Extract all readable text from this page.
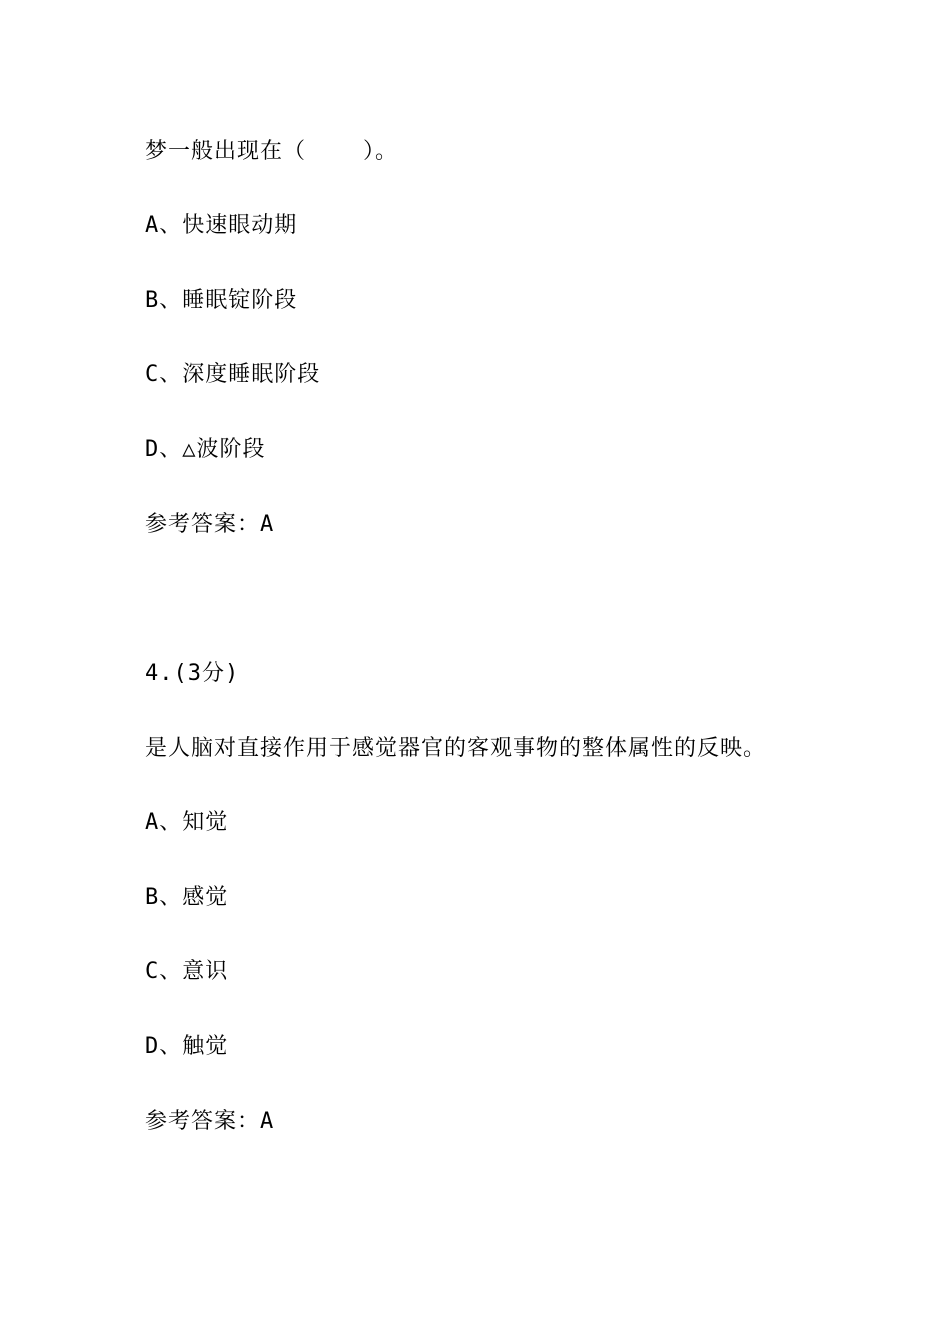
梦一般出现在（    ）。
A、快速眼动期
B、睡眠锭阶段
C、深度睡眠阶段
D、△波阶段
参考答案：A
4.(3分)
是人脑对直接作用于感觉器官的客观事物的整体属性的反映。
A、知觉
B、感觉
C、意识
D、触觉
参考答案：A
